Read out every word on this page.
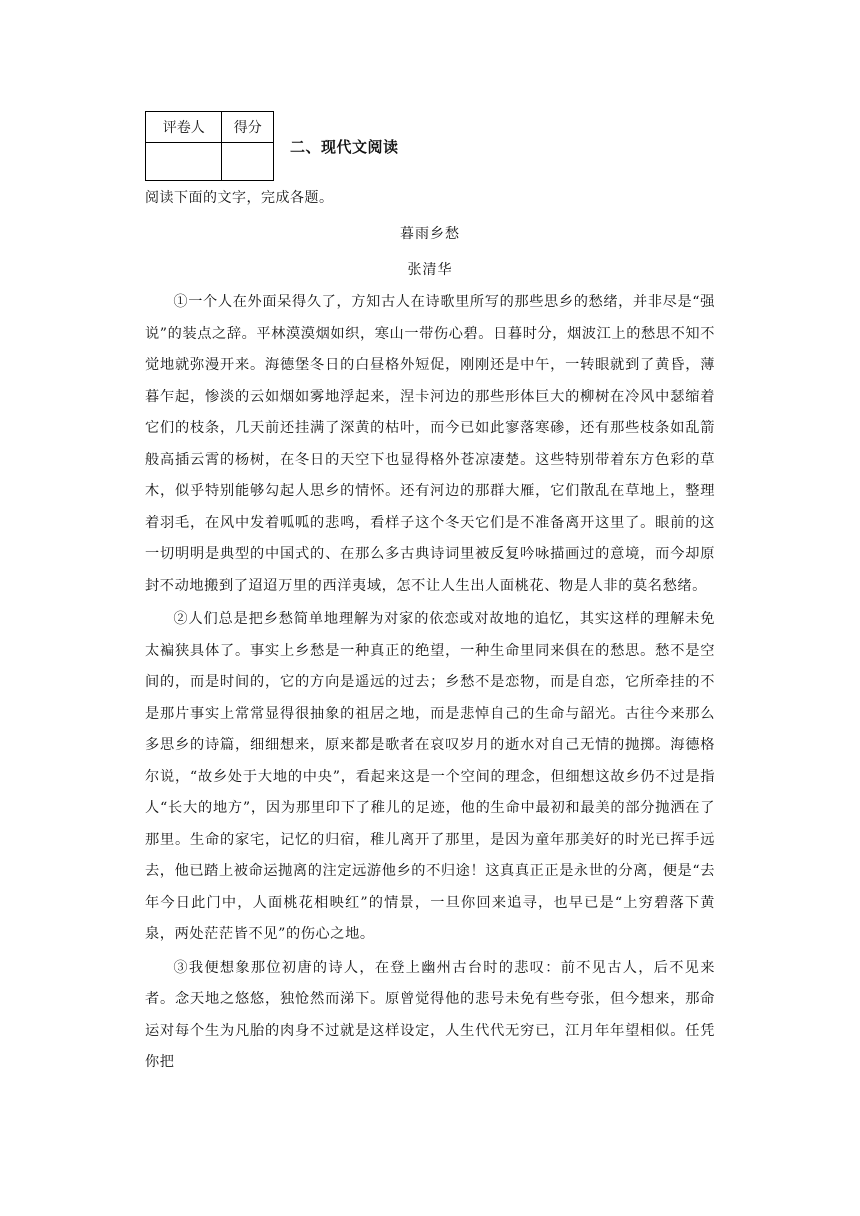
评卷人	得分

二、现代文阅读
阅读下面的文字，完成各题。
暮雨乡愁
张清华

①一个人在外面呆得久了，方知古人在诗歌里所写的那些思乡的愁绪，并非尽是“强说”的装点之辞。平林漠漠烟如织，寒山一带伤心碧。日暮时分，烟波江上的愁思不知不觉地就弥漫开来。海德堡冬日的白昼格外短促，刚刚还是中午，一转眼就到了黄昏，薄暮乍起，惨淡的云如烟如雾地浮起来，涅卡河边的那些形体巨大的柳树在冷风中瑟缩着它们的枝条，几天前还挂满了深黄的枯叶，而今已如此寥落寒碜，还有那些枝条如乱箭般高插云霄的杨树，在冬日的天空下也显得格外苍凉凄楚。这些特别带着东方色彩的草木，似乎特别能够勾起人思乡的情怀。还有河边的那群大雁，它们散乱在草地上，整理着羽毛，在风中发着呱呱的悲鸣，看样子这个冬天它们是不准备离开这里了。眼前的这一切明明是典型的中国式的、在那么多古典诗词里被反复吟咏描画过的意境，而今却原封不动地搬到了迢迢万里的西洋夷域，怎不让人生出人面桃花、物是人非的莫名愁绪。

②人们总是把乡愁简单地理解为对家的依恋或对故地的追忆，其实这样的理解未免太褊狭具体了。事实上乡愁是一种真正的绝望，一种生命里同来俱在的愁思。愁不是空间的，而是时间的，它的方向是遥远的过去；乡愁不是恋物，而是自恋，它所牵挂的不是那片事实上常常显得很抽象的祖居之地，而是悲悼自己的生命与韶光。古往今来那么多思乡的诗篇，细细想来，原来都是歌者在哀叹岁月的逝水对自己无情的抛掷。海德格尔说，“故乡处于大地的中央”，看起来这是一个空间的理念，但细想这故乡仍不过是指人“长大的地方”，因为那里印下了稚儿的足迹，他的生命中最初和最美的部分抛洒在了那里。生命的家宅，记忆的归宿，稚儿离开了那里，是因为童年那美好的时光已挥手远去，他已踏上被命运抛离的注定远游他乡的不归途！这真真正正是永世的分离，便是“去年今日此门中，人面桃花相映红”的情景，一旦你回来追寻，也早已是“上穷碧落下黄泉，两处茫茫皆不见”的伤心之地。

③我便想象那位初唐的诗人，在登上幽州古台时的悲叹：前不见古人，后不见来者。念天地之悠悠，独怆然而涕下。原曾觉得他的悲号未免有些夸张，但今想来，那命运对每个生为凡胎的肉身不过就是这样设定，人生代代无穷已，江月年年望相似。任凭你把
